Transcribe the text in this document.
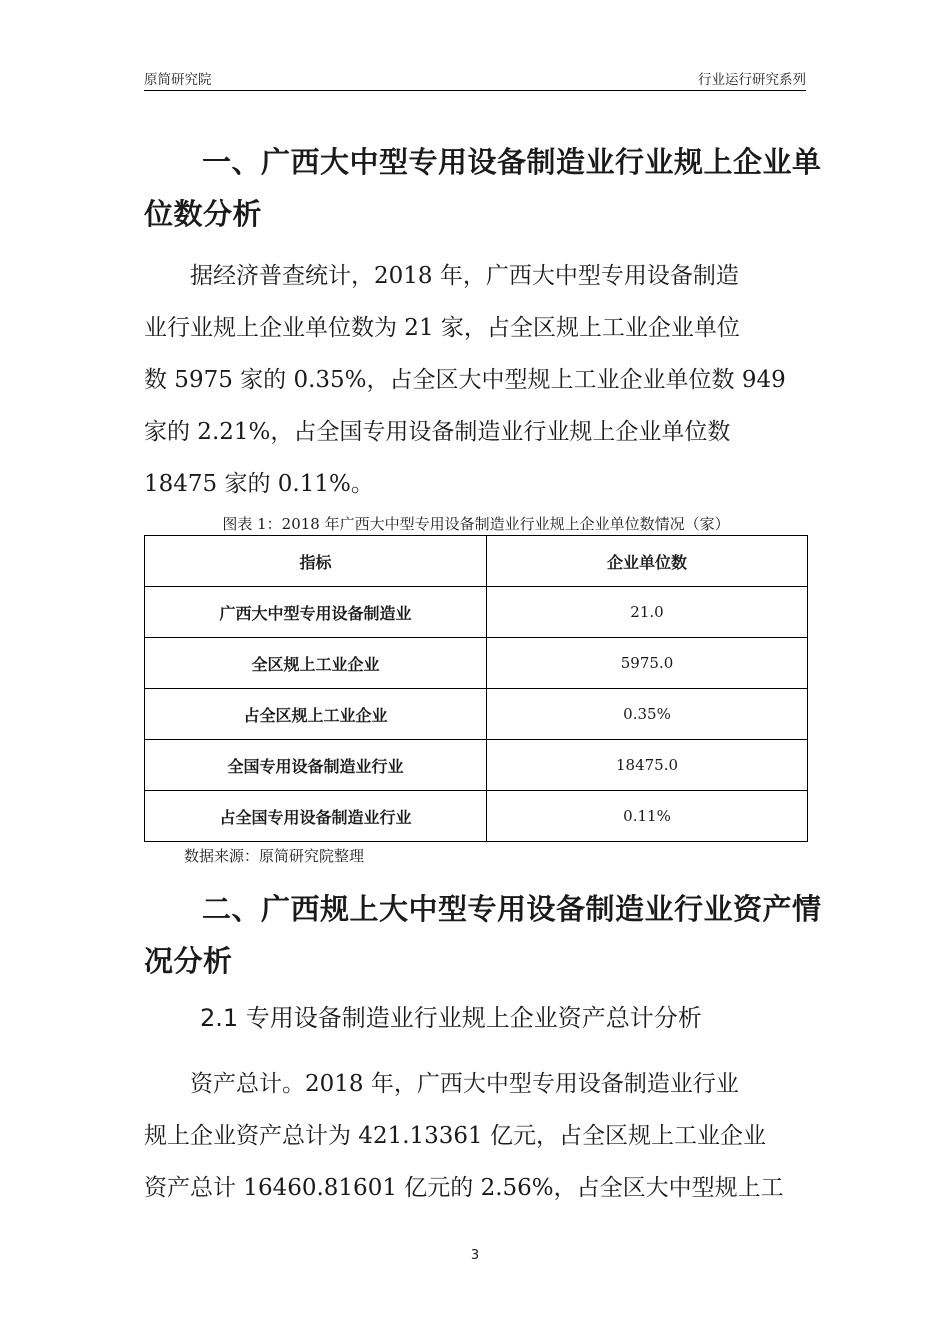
原简研究院	行业运行研究系列
一、广西大中型专用设备制造业行业规上企业单
位数分析
据经济普查统计，2018 年，广西大中型专用设备制造
业行业规上企业单位数为 21 家，占全区规上工业企业单位
数 5975 家的 0.35%，占全区大中型规上工业企业单位数 949
家的 2.21%，占全国专用设备制造业行业规上企业单位数
18475 家的 0.11%。
图表 1：2018 年广西大中型专用设备制造业行业规上企业单位数情况（家）
指标	企业单位数
广西大中型专用设备制造业	21.0
全区规上工业企业	5975.0
占全区规上工业企业	0.35%
全国专用设备制造业行业	18475.0
占全国专用设备制造业行业	0.11%
数据来源：原简研究院整理
二、广西规上大中型专用设备制造业行业资产情
况分析
2.1 专用设备制造业行业规上企业资产总计分析
资产总计。2018 年，广西大中型专用设备制造业行业
规上企业资产总计为 421.13361 亿元，占全区规上工业企业
资产总计 16460.81601 亿元的 2.56%，占全区大中型规上工
3
